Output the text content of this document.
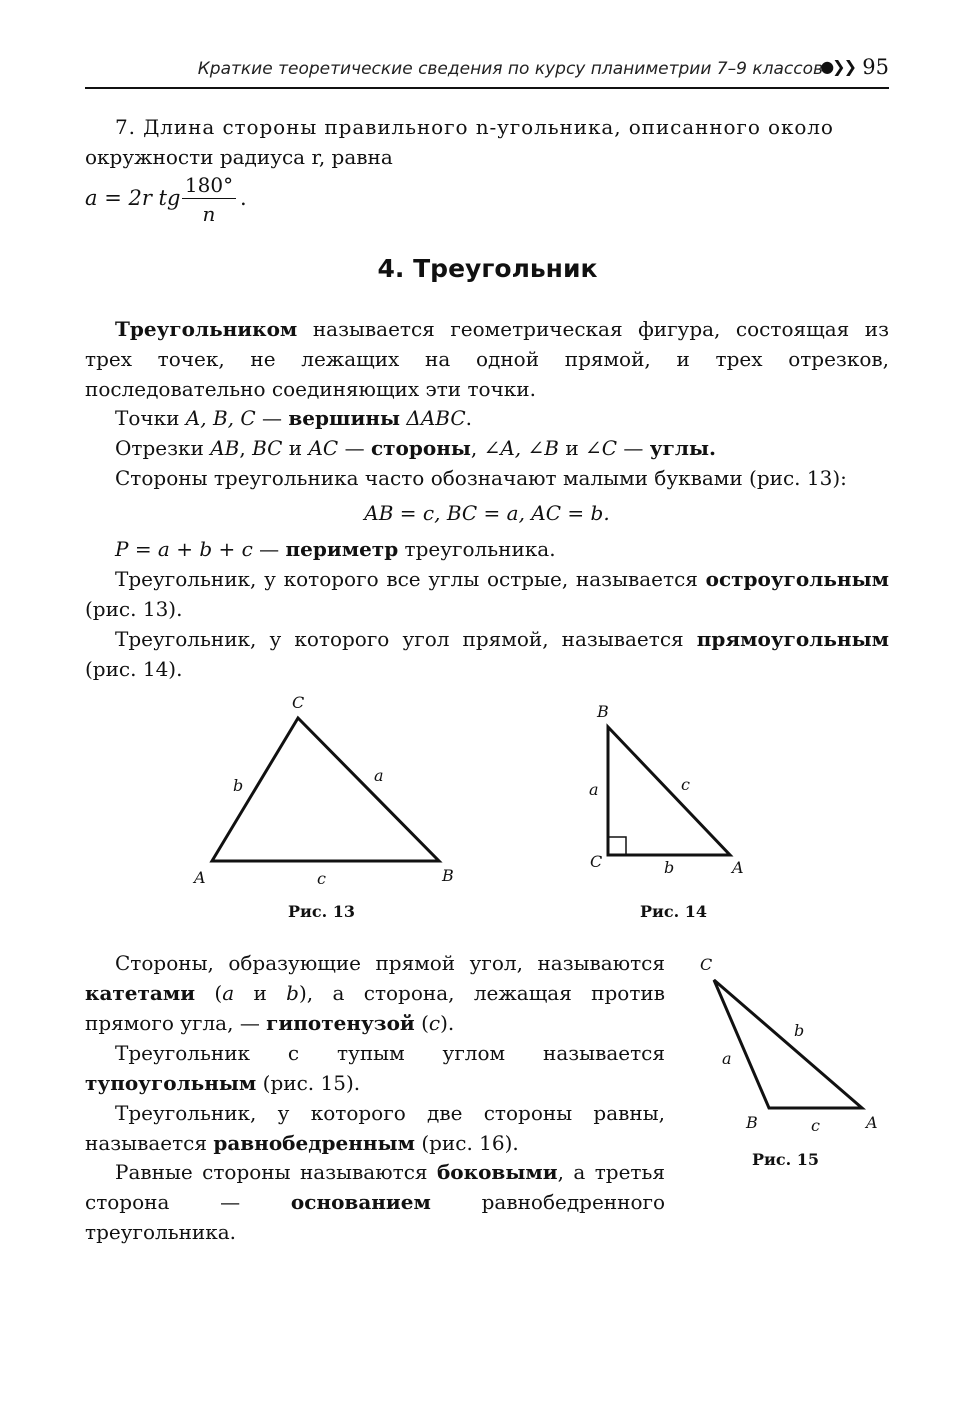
Краткие теоретические сведения по курсу планиметрии 7–9 классов
●❯❯ 95

7. Длина стороны правильного n-угольника, описанного около

окружности радиуса r, равна

a = 2r tg $\frac{180^\circ}{n}$ .
4. Треугольник

Треугольником называется геометрическая фигура, состоящая из трех точек, не лежащих на одной прямой, и трех отрезков, последовательно соединяющих эти точки.

Точки A, B, C — вершины ΔABC.

Отрезки AB, BC и AC — стороны, ∠A, ∠B и ∠C — углы.

Стороны треугольника часто обозначают малыми буквами (рис. 13):

AB = c, BC = a, AC = b.

P = a + b + c — периметр треугольника.

Треугольник, у которого все углы острые, называется остроугольным (рис. 13).

Треугольник, у которого угол прямой, называется прямоугольным (рис. 14).

C
A	B
b
a
c
Рис. 13
B
a	c
C	b	A
Рис. 14

Стороны, образующие прямой угол, называются катетами (a и b), а сторона, лежащая против прямого угла, — гипотенузой (c).

Треугольник с тупым углом называется тупоугольным (рис. 15).

Треугольник, у которого две стороны равны, называется равнобедренным (рис. 16).

Равные стороны называются боковыми, а третья сторона — основанием равнобедренного треугольника.

C
b
a
B	c	A
Рис. 15
